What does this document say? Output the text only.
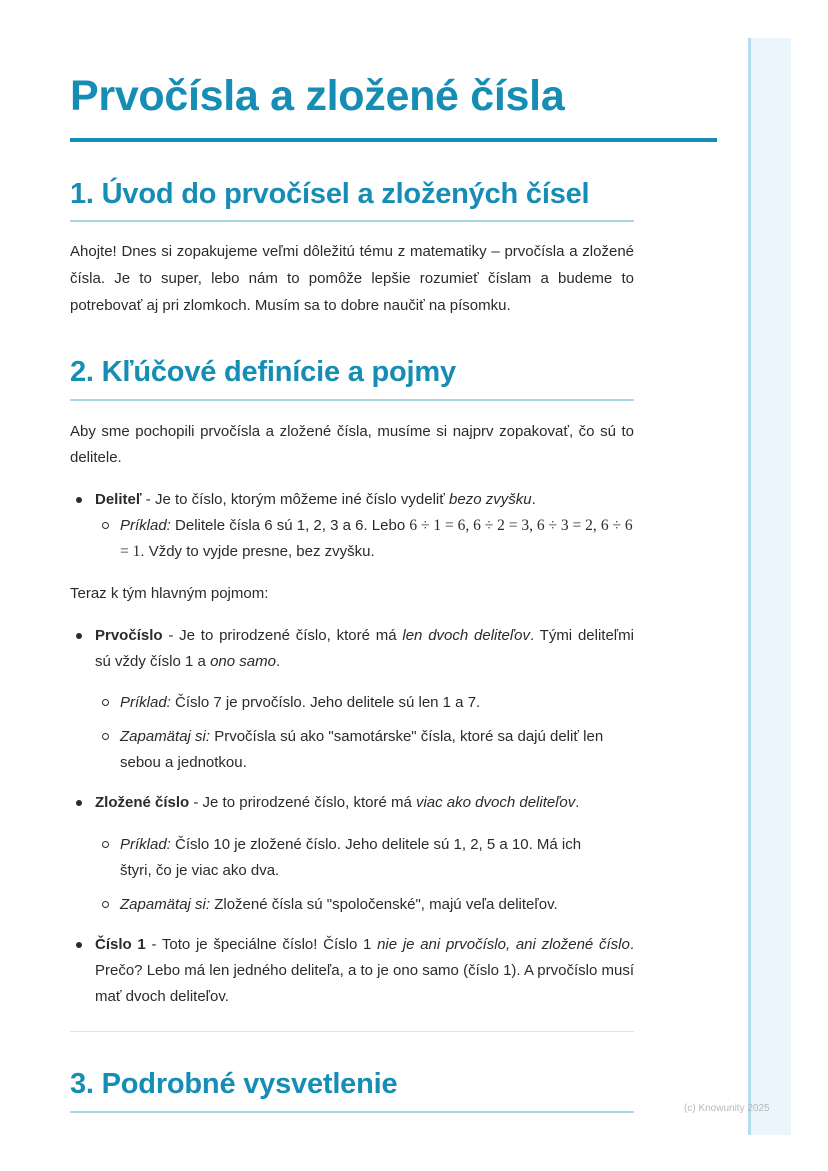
Prvočísla a zložené čísla
1. Úvod do prvočísel a zložených čísel

Ahojte! Dnes si zopakujeme veľmi dôležitú tému z matematiky – prvočísla a zložené čísla. Je to super, lebo nám to pomôže lepšie rozumieť číslam a budeme to potrebovať aj pri zlomkoch. Musím sa to dobre naučiť na písomku.

2. Kľúčové definície a pojmy

Aby sme pochopili prvočísla a zložené čísla, musíme si najprv zopakovať, čo sú to delitele.

Deliteľ - Je to číslo, ktorým môžeme iné číslo vydeliť bezo zvyšku.
Príklad: Delitele čísla 6 sú 1, 2, 3 a 6. Lebo 6 ÷ 1 = 6, 6 ÷ 2 = 3, 6 ÷ 3 = 2, 6 ÷ 6 = 1. Vždy to vyjde presne, bez zvyšku.

Teraz k tým hlavným pojmom:

Prvočíslo - Je to prirodzené číslo, ktoré má len dvoch deliteľov. Tými deliteľmi sú vždy číslo 1 a ono samo.
Príklad: Číslo 7 je prvočíslo. Jeho delitele sú len 1 a 7.
Zapamätaj si: Prvočísla sú ako "samotárske" čísla, ktoré sa dajú deliť len sebou a jednotkou.
Zložené číslo - Je to prirodzené číslo, ktoré má viac ako dvoch deliteľov.
Príklad: Číslo 10 je zložené číslo. Jeho delitele sú 1, 2, 5 a 10. Má ich štyri, čo je viac ako dva.
Zapamätaj si: Zložené čísla sú "spoločenské", majú veľa deliteľov.
Číslo 1 - Toto je špeciálne číslo! Číslo 1 nie je ani prvočíslo, ani zložené číslo. Prečo? Lebo má len jedného deliteľa, a to je ono samo (číslo 1). A prvočíslo musí mať dvoch deliteľov.
3. Podrobné vysvetlenie
(c) Knowunity 2025
